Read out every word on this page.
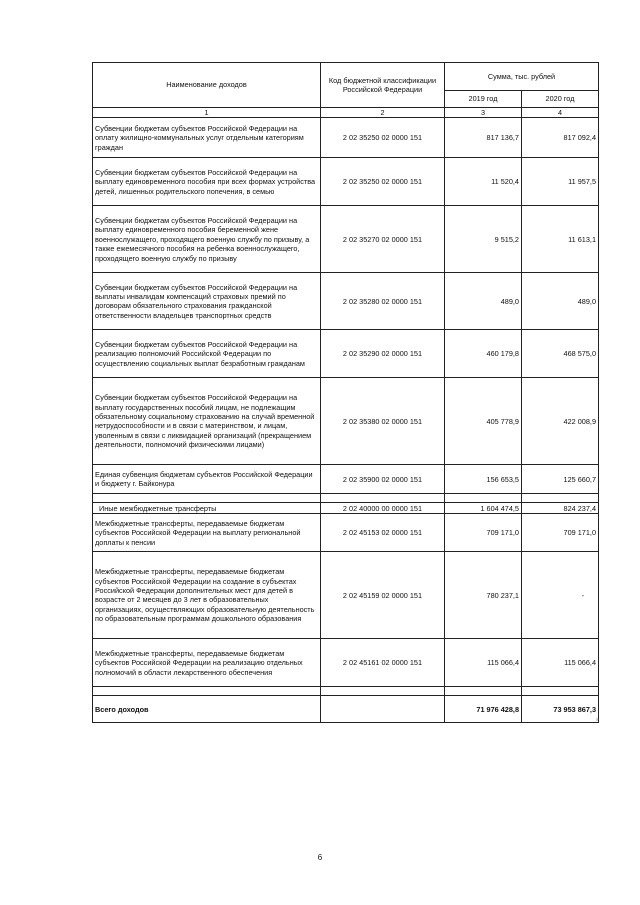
Наименование доходов	Код бюджетной классификации Российской Федерации	Сумма, тыс. рублей	
		2019 год	2020 год
1	2	3	4
Субвенции бюджетам субъектов Российской Федерации на оплату жилищно-коммунальных услуг отдельным категориям граждан	2 02 35250 02 0000 151	817 136,7	817 092,4
Субвенции бюджетам субъектов Российской Федерации на выплату единовременного пособия при всех формах устройства детей, лишенных родительского попечения, в семью	2 02 35250 02 0000 151	11 520,4	11 957,5
Субвенции бюджетам субъектов Российской Федерации на выплату единовременного пособия беременной жене военнослужащего, проходящего военную службу по призыву, а также ежемесячного пособия на ребенка военнослужащего, проходящего военную службу по призыву	2 02 35270 02 0000 151	9 515,2	11 613,1
Субвенции бюджетам субъектов Российской Федерации на выплаты инвалидам компенсаций страховых премий по договорам обязательного страхования гражданской ответственности владельцев транспортных средств	2 02 35280 02 0000 151	489,0	489,0
Субвенции бюджетам субъектов Российской Федерации на реализацию полномочий Российской Федерации по осуществлению социальных выплат безработным гражданам	2 02 35290 02 0000 151	460 179,8	468 575,0
Субвенции бюджетам субъектов Российской Федерации на выплату государственных пособий лицам, не подлежащим обязательному социальному страхованию на случай временной нетрудоспособности и в связи с материнством, и лицам, уволенным в связи с ликвидацией организаций (прекращением деятельности, полномочий физическими лицами)	2 02 35380 02 0000 151	405 778,9	422 008,9
Единая субвенция бюджетам субъектов Российской Федерации и бюджету г. Байконура	2 02 35900 02 0000 151	156 653,5	125 660,7

Иные межбюджетные трансферты	2 02 40000 00 0000 151	1 604 474,5	824 237,4
Межбюджетные трансферты, передаваемые бюджетам субъектов Российской Федерации на выплату региональной доплаты к пенсии	2 02 45153 02 0000 151	709 171,0	709 171,0
Межбюджетные трансферты, передаваемые бюджетам субъектов Российской Федерации на создание в субъектах Российской Федерации дополнительных мест для детей в возрасте от 2 месяцев до 3 лет в образовательных организациях, осуществляющих образовательную деятельность по образовательным программам дошкольного образования	2 02 45159 02 0000 151	780 237,1	-
Межбюджетные трансферты, передаваемые бюджетам субъектов Российской Федерации на реализацию отдельных полномочий в области лекарственного обеспечения	2 02 45161 02 0000 151	115 066,4	115 066,4

Всего доходов		71 976 428,8	73 953 867,3
»
6
